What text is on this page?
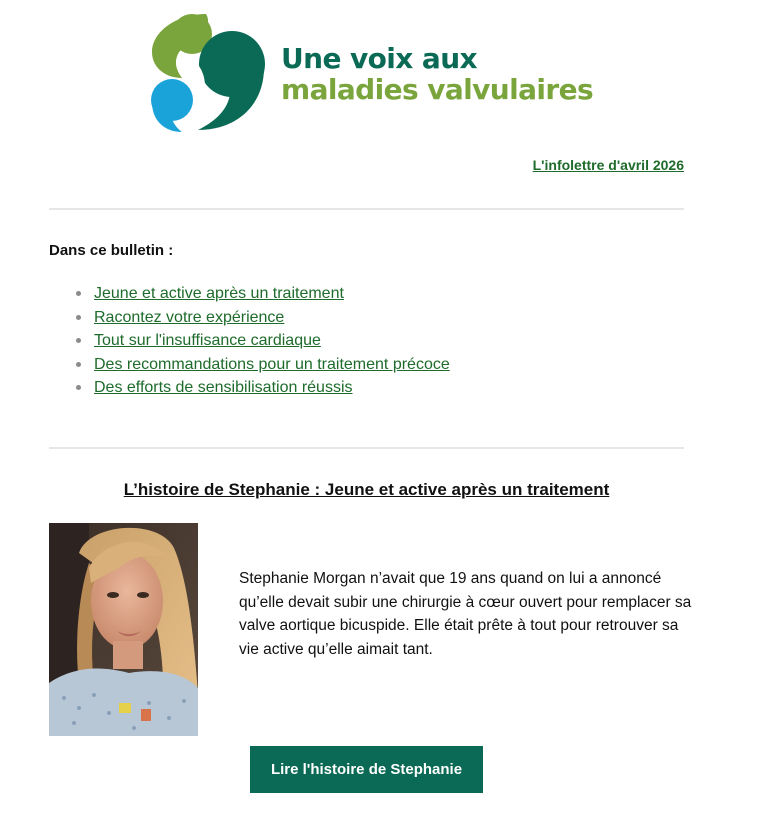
Une voix aux
maladies valvulaires
L'infolettre d'avril 2026
Dans ce bulletin :
Jeune et active après un traitement
Racontez votre expérience
Tout sur l'insuffisance cardiaque
Des recommandations pour un traitement précoce
Des efforts de sensibilisation réussis
L’histoire de Stephanie : Jeune et active après un traitement
Stephanie Morgan n’avait que 19 ans quand on lui a annoncé qu’elle devait subir une chirurgie à cœur ouvert pour remplacer sa valve aortique bicuspide. Elle était prête à tout pour retrouver sa vie active qu’elle aimait tant.
Lire l'histoire de Stephanie
